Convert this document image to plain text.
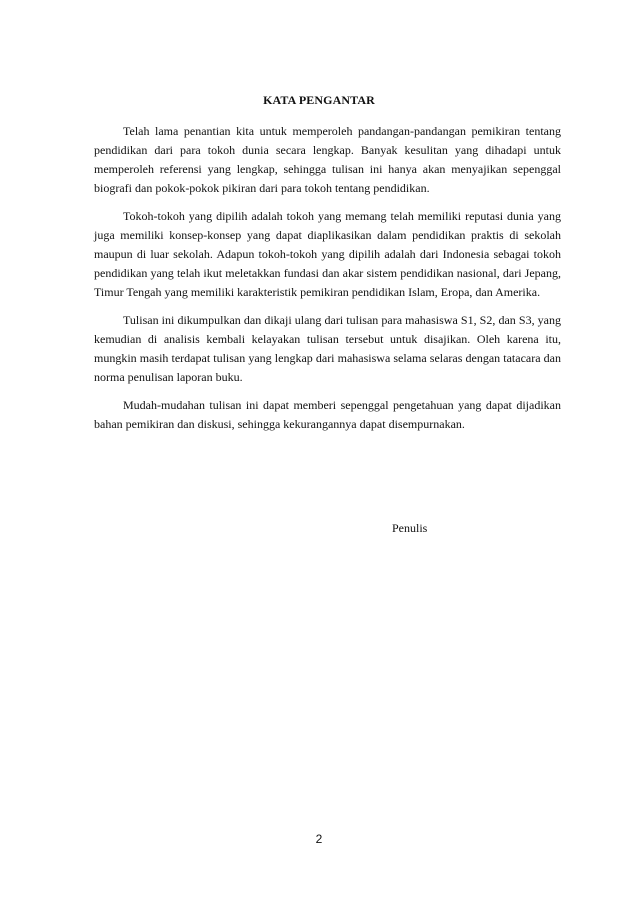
KATA PENGANTAR

Telah lama penantian kita untuk memperoleh pandangan-pandangan pemikiran tentang pendidikan dari para tokoh dunia secara lengkap. Banyak kesulitan yang dihadapi untuk memperoleh referensi yang lengkap, sehingga tulisan ini hanya akan menyajikan sepenggal biografi dan pokok-pokok pikiran dari para tokoh tentang pendidikan.

Tokoh-tokoh yang dipilih adalah tokoh yang memang telah memiliki reputasi dunia yang juga memiliki konsep-konsep yang dapat diaplikasikan dalam pendidikan praktis di sekolah maupun di luar sekolah. Adapun tokoh-tokoh yang dipilih adalah dari Indonesia sebagai tokoh pendidikan yang telah ikut meletakkan fundasi dan akar sistem pendidikan nasional, dari Jepang, Timur Tengah yang memiliki karakteristik pemikiran pendidikan Islam, Eropa, dan Amerika.

Tulisan ini dikumpulkan dan dikaji ulang dari tulisan para mahasiswa S1, S2, dan S3, yang kemudian di analisis kembali kelayakan tulisan tersebut untuk disajikan. Oleh karena itu, mungkin masih terdapat tulisan yang lengkap dari mahasiswa selama selaras dengan tatacara dan norma penulisan laporan buku.

Mudah-mudahan tulisan ini dapat memberi sepenggal pengetahuan yang dapat dijadikan bahan pemikiran dan diskusi, sehingga kekurangannya dapat disempurnakan.

Penulis
2
